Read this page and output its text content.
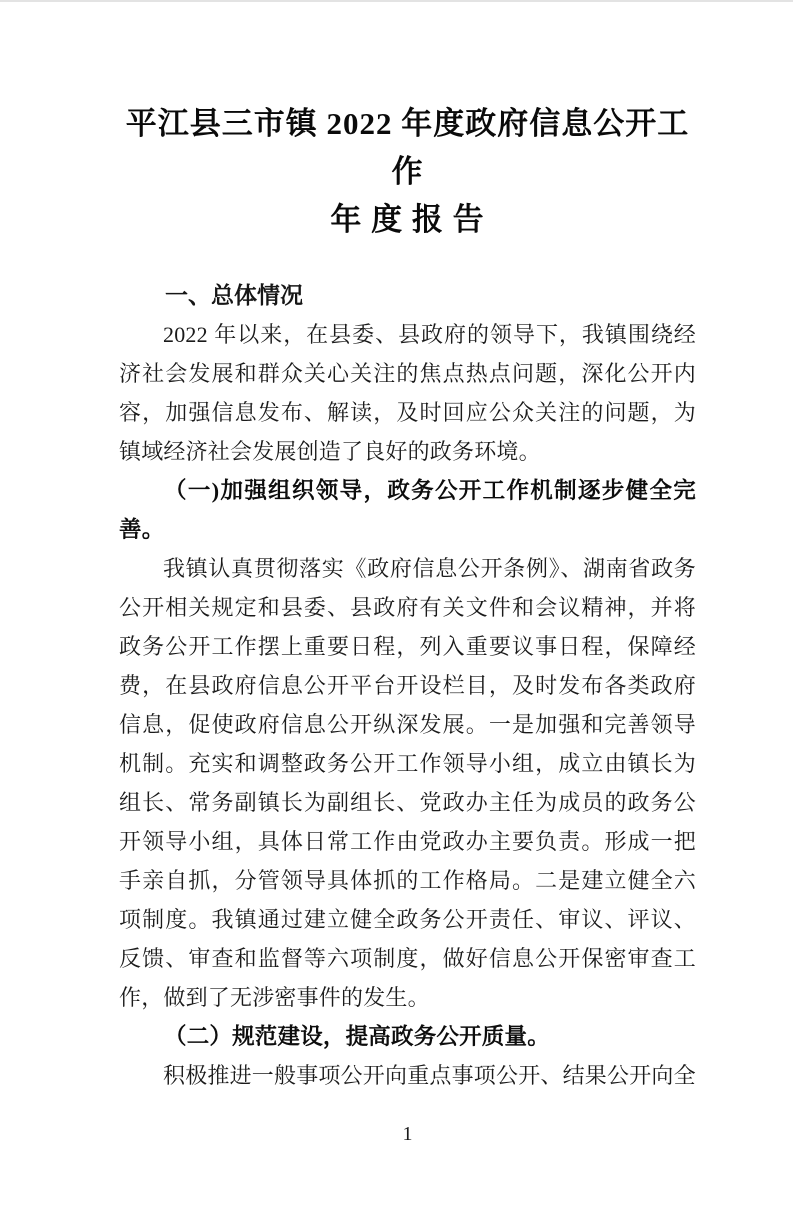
平江县三市镇 2022 年度政府信息公开工作
年 度 报 告
一、总体情况

2022 年以来，在县委、县政府的领导下，我镇围绕经济社会发展和群众关心关注的焦点热点问题，深化公开内容，加强信息发布、解读，及时回应公众关注的问题，为镇域经济社会发展创造了良好的政务环境。

（一)加强组织领导，政务公开工作机制逐步健全完善。

我镇认真贯彻落实《政府信息公开条例》、湖南省政务公开相关规定和县委、县政府有关文件和会议精神，并将政务公开工作摆上重要日程，列入重要议事日程，保障经费，在县政府信息公开平台开设栏目，及时发布各类政府信息，促使政府信息公开纵深发展。一是加强和完善领导机制。充实和调整政务公开工作领导小组，成立由镇长为组长、常务副镇长为副组长、党政办主任为成员的政务公开领导小组，具体日常工作由党政办主要负责。形成一把手亲自抓，分管领导具体抓的工作格局。二是建立健全六项制度。我镇通过建立健全政务公开责任、审议、评议、反馈、审查和监督等六项制度，做好信息公开保密审查工作，做到了无涉密事件的发生。

（二）规范建设，提高政务公开质量。

积极推进一般事项公开向重点事项公开、结果公开向全

1
